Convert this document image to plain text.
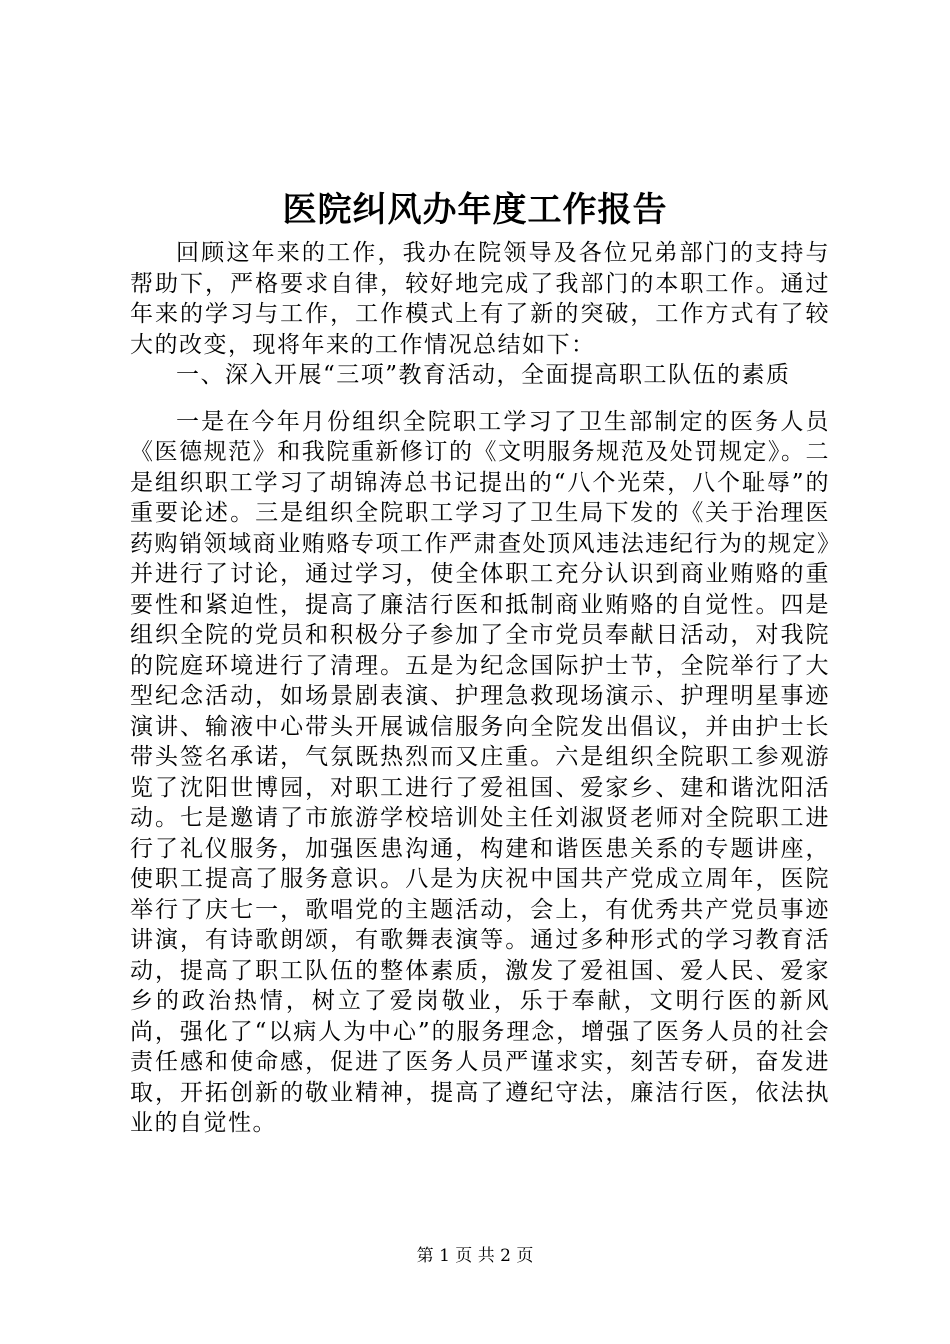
医院纠风办年度工作报告

回顾这年来的工作，我办在院领导及各位兄弟部门的支持与帮助下，严格要求自律，较好地完成了我部门的本职工作。通过年来的学习与工作，工作模式上有了新的突破，工作方式有了较大的改变，现将年来的工作情况总结如下：

一、深入开展“三项”教育活动，全面提高职工队伍的素质

一是在今年月份组织全院职工学习了卫生部制定的医务人员《医德规范》和我院重新修订的《文明服务规范及处罚规定》。二是组织职工学习了胡锦涛总书记提出的“八个光荣，八个耻辱”的重要论述。三是组织全院职工学习了卫生局下发的《关于治理医药购销领域商业贿赂专项工作严肃查处顶风违法违纪行为的规定》并进行了讨论，通过学习，使全体职工充分认识到商业贿赂的重要性和紧迫性，提高了廉洁行医和抵制商业贿赂的自觉性。四是组织全院的党员和积极分子参加了全市党员奉献日活动，对我院的院庭环境进行了清理。五是为纪念国际护士节，全院举行了大型纪念活动，如场景剧表演、护理急救现场演示、护理明星事迹演讲、输液中心带头开展诚信服务向全院发出倡议，并由护士长带头签名承诺，气氛既热烈而又庄重。六是组织全院职工参观游览了沈阳世博园，对职工进行了爱祖国、爱家乡、建和谐沈阳活动。七是邀请了市旅游学校培训处主任刘淑贤老师对全院职工进行了礼仪服务，加强医患沟通，构建和谐医患关系的专题讲座，使职工提高了服务意识。八是为庆祝中国共产党成立周年，医院举行了庆七一，歌唱党的主题活动，会上，有优秀共产党员事迹讲演，有诗歌朗颂，有歌舞表演等。通过多种形式的学习教育活动，提高了职工队伍的整体素质，激发了爱祖国、爱人民、爱家乡的政治热情，树立了爱岗敬业，乐于奉献，文明行医的新风尚，强化了“以病人为中心”的服务理念，增强了医务人员的社会责任感和使命感，促进了医务人员严谨求实，刻苦专研，奋发进取，开拓创新的敬业精神，提高了遵纪守法，廉洁行医，依法执业的自觉性。

第 1 页 共 2 页
